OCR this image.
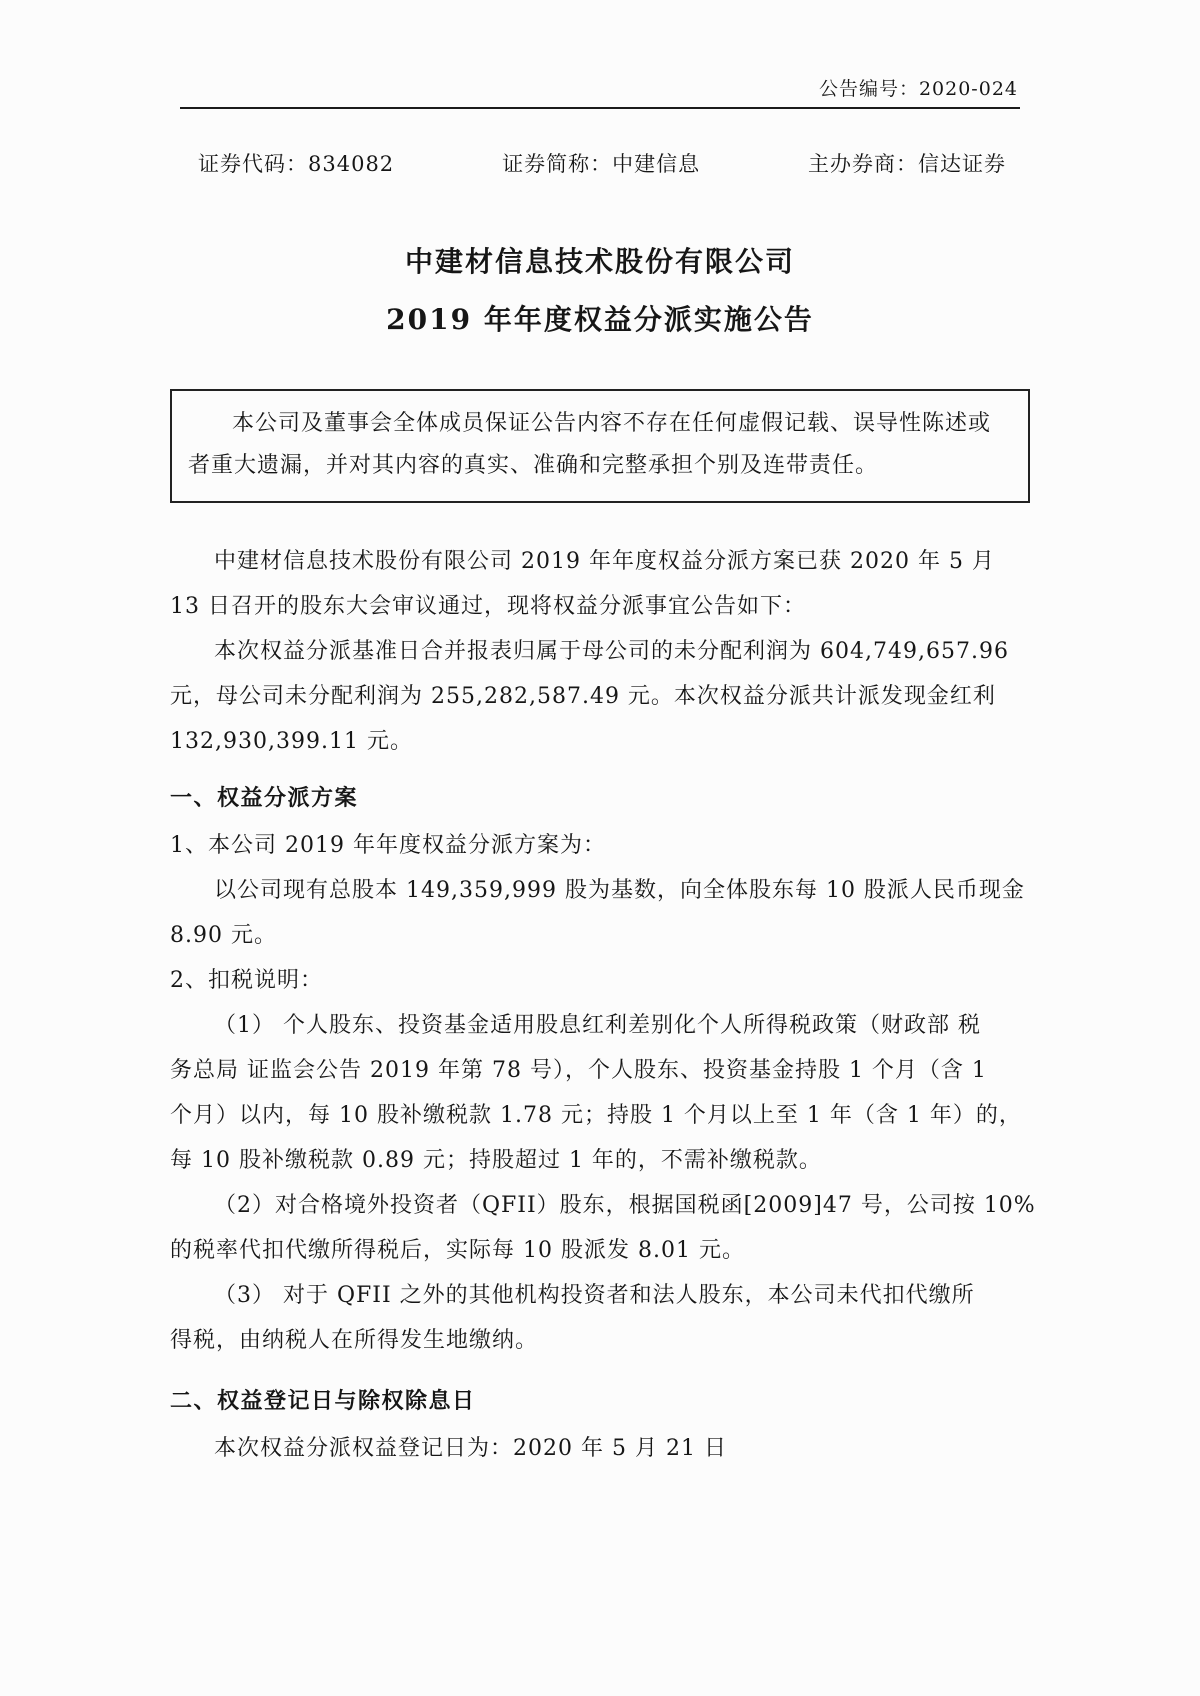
公告编号：2020-024
证券代码：834082	证券简称：中建信息	主办券商：信达证券
中建材信息技术股份有限公司
2019 年年度权益分派实施公告
本公司及董事会全体成员保证公告内容不存在任何虚假记载、误导性陈述或
者重大遗漏，并对其内容的真实、准确和完整承担个别及连带责任。
中建材信息技术股份有限公司 2019 年年度权益分派方案已获 2020 年 5 月
13 日召开的股东大会审议通过，现将权益分派事宜公告如下：
本次权益分派基准日合并报表归属于母公司的未分配利润为 604,749,657.96
元，母公司未分配利润为 255,282,587.49 元。本次权益分派共计派发现金红利
132,930,399.11 元。
一、权益分派方案
1、本公司 2019 年年度权益分派方案为：
以公司现有总股本 149,359,999 股为基数，向全体股东每 10 股派人民币现金
8.90 元。
2、扣税说明：
（1） 个人股东、投资基金适用股息红利差别化个人所得税政策（财政部 税
务总局 证监会公告 2019 年第 78 号），个人股东、投资基金持股 1 个月（含 1
个月）以内，每 10 股补缴税款 1.78 元；持股 1 个月以上至 1 年（含 1 年）的，
每 10 股补缴税款 0.89 元；持股超过 1 年的，不需补缴税款。
（2）对合格境外投资者（QFII）股东，根据国税函[2009]47 号，公司按 10%
的税率代扣代缴所得税后，实际每 10 股派发 8.01 元。
（3） 对于 QFII 之外的其他机构投资者和法人股东，本公司未代扣代缴所
得税，由纳税人在所得发生地缴纳。
二、权益登记日与除权除息日
本次权益分派权益登记日为：2020 年 5 月 21 日
